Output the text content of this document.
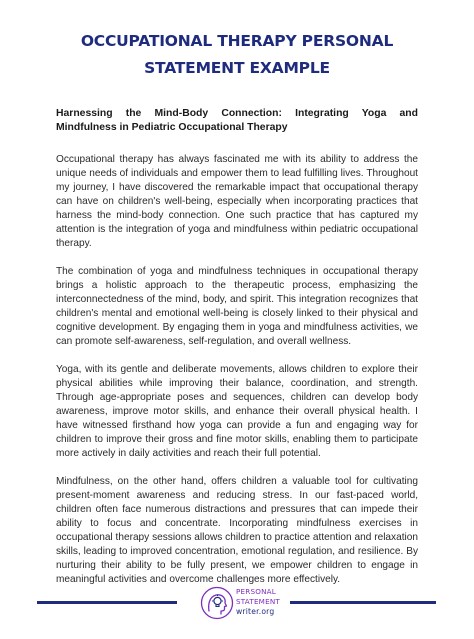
OCCUPATIONAL THERAPY PERSONAL
STATEMENT EXAMPLE

Harnessing the Mind-Body Connection: Integrating Yoga and Mindfulness in Pediatric Occupational Therapy

Occupational therapy has always fascinated me with its ability to address the unique needs of individuals and empower them to lead fulfilling lives. Throughout my journey, I have discovered the remarkable impact that occupational therapy can have on children's well-being, especially when incorporating practices that harness the mind-body connection. One such practice that has captured my attention is the integration of yoga and mindfulness within pediatric occupational therapy.

The combination of yoga and mindfulness techniques in occupational therapy brings a holistic approach to the therapeutic process, emphasizing the interconnectedness of the mind, body, and spirit. This integration recognizes that children's mental and emotional well-being is closely linked to their physical and cognitive development. By engaging them in yoga and mindfulness activities, we can promote self-awareness, self-regulation, and overall wellness.

Yoga, with its gentle and deliberate movements, allows children to explore their physical abilities while improving their balance, coordination, and strength. Through age-appropriate poses and sequences, children can develop body awareness, improve motor skills, and enhance their overall physical health. I have witnessed firsthand how yoga can provide a fun and engaging way for children to improve their gross and fine motor skills, enabling them to participate more actively in daily activities and reach their full potential.

Mindfulness, on the other hand, offers children a valuable tool for cultivating present-moment awareness and reducing stress. In our fast-paced world, children often face numerous distractions and pressures that can impede their ability to focus and concentrate. Incorporating mindfulness exercises in occupational therapy sessions allows children to practice attention and relaxation skills, leading to improved concentration, emotional regulation, and resilience. By nurturing their ability to be fully present, we empower children to engage in meaningful activities and overcome challenges more effectively.

PERSONAL
STATEMENT
writer.org
